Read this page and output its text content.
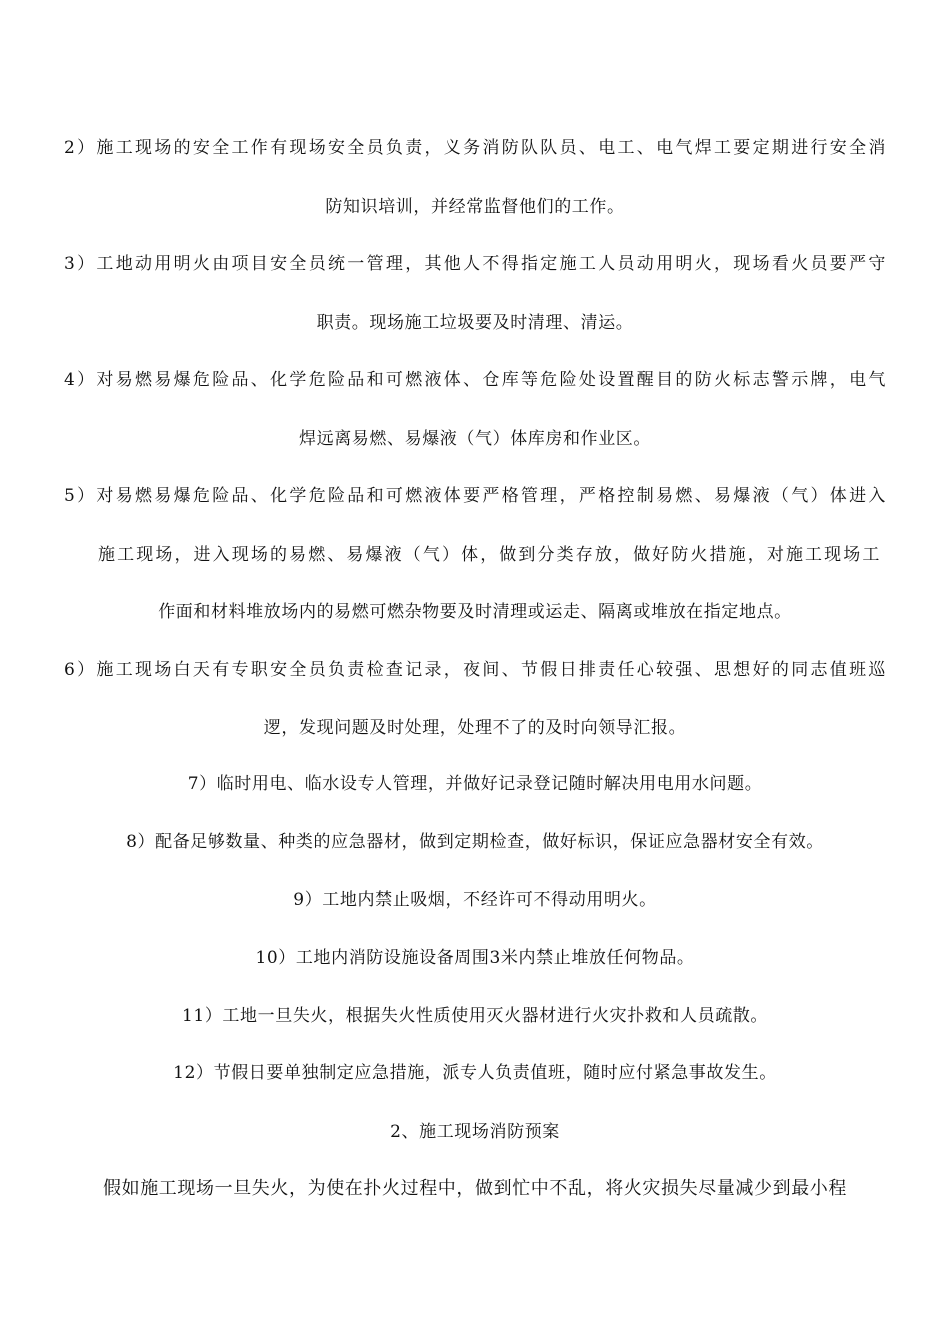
2）施工现场的安全工作有现场安全员负责，义务消防队队员、电工、电气焊工要定期进行安全消
防知识培训，并经常监督他们的工作。
3）工地动用明火由项目安全员统一管理，其他人不得指定施工人员动用明火，现场看火员要严守
职责。现场施工垃圾要及时清理、清运。
4）对易燃易爆危险品、化学危险品和可燃液体、仓库等危险处设置醒目的防火标志警示牌，电气
焊远离易燃、易爆液（气）体库房和作业区。
5）对易燃易爆危险品、化学危险品和可燃液体要严格管理，严格控制易燃、易爆液（气）体进入
施工现场，进入现场的易燃、易爆液（气）体，做到分类存放，做好防火措施，对施工现场工
作面和材料堆放场内的易燃可燃杂物要及时清理或运走、隔离或堆放在指定地点。
6）施工现场白天有专职安全员负责检查记录，夜间、节假日排责任心较强、思想好的同志值班巡
逻，发现问题及时处理，处理不了的及时向领导汇报。
7）临时用电、临水设专人管理，并做好记录登记随时解决用电用水问题。
8）配备足够数量、种类的应急器材，做到定期检查，做好标识，保证应急器材安全有效。
9）工地内禁止吸烟，不经许可不得动用明火。
10）工地内消防设施设备周围3米内禁止堆放任何物品。
11）工地一旦失火，根据失火性质使用灭火器材进行火灾扑救和人员疏散。
12）节假日要单独制定应急措施，派专人负责值班，随时应付紧急事故发生。
2、施工现场消防预案
假如施工现场一旦失火，为使在扑火过程中，做到忙中不乱，将火灾损失尽量减少到最小程
